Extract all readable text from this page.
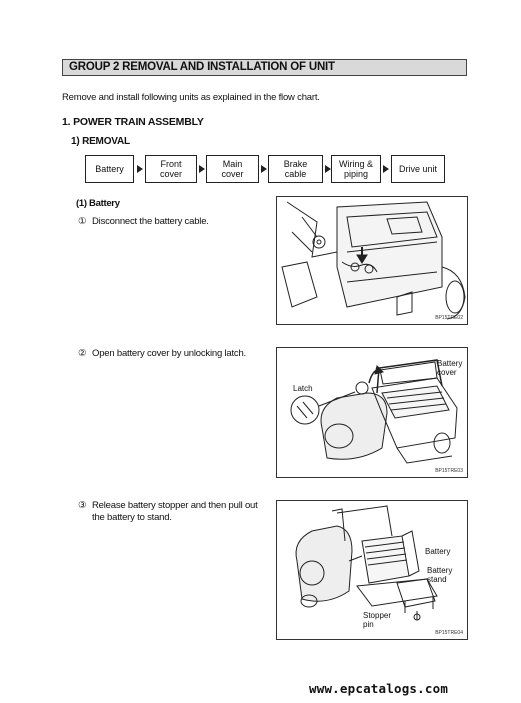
GROUP 2 REMOVAL AND INSTALLATION OF UNIT
Remove and install following units as explained in the flow chart.
1. POWER TRAIN ASSEMBLY
1) REMOVAL
Battery	Front
cover
Main
cover
Brake
cable
Wiring &
piping	Drive unit
(1) Battery
① Disconnect the battery cable.
BP15TRE02
② Open battery cover by unlocking latch.
Battery
cover
Latch
BP15TRE03
③ Release battery stopper and then pull out
the battery to stand.
Battery
Battery
stand
Stopper
pin
BP15TRE04
www.epcatalogs.com
